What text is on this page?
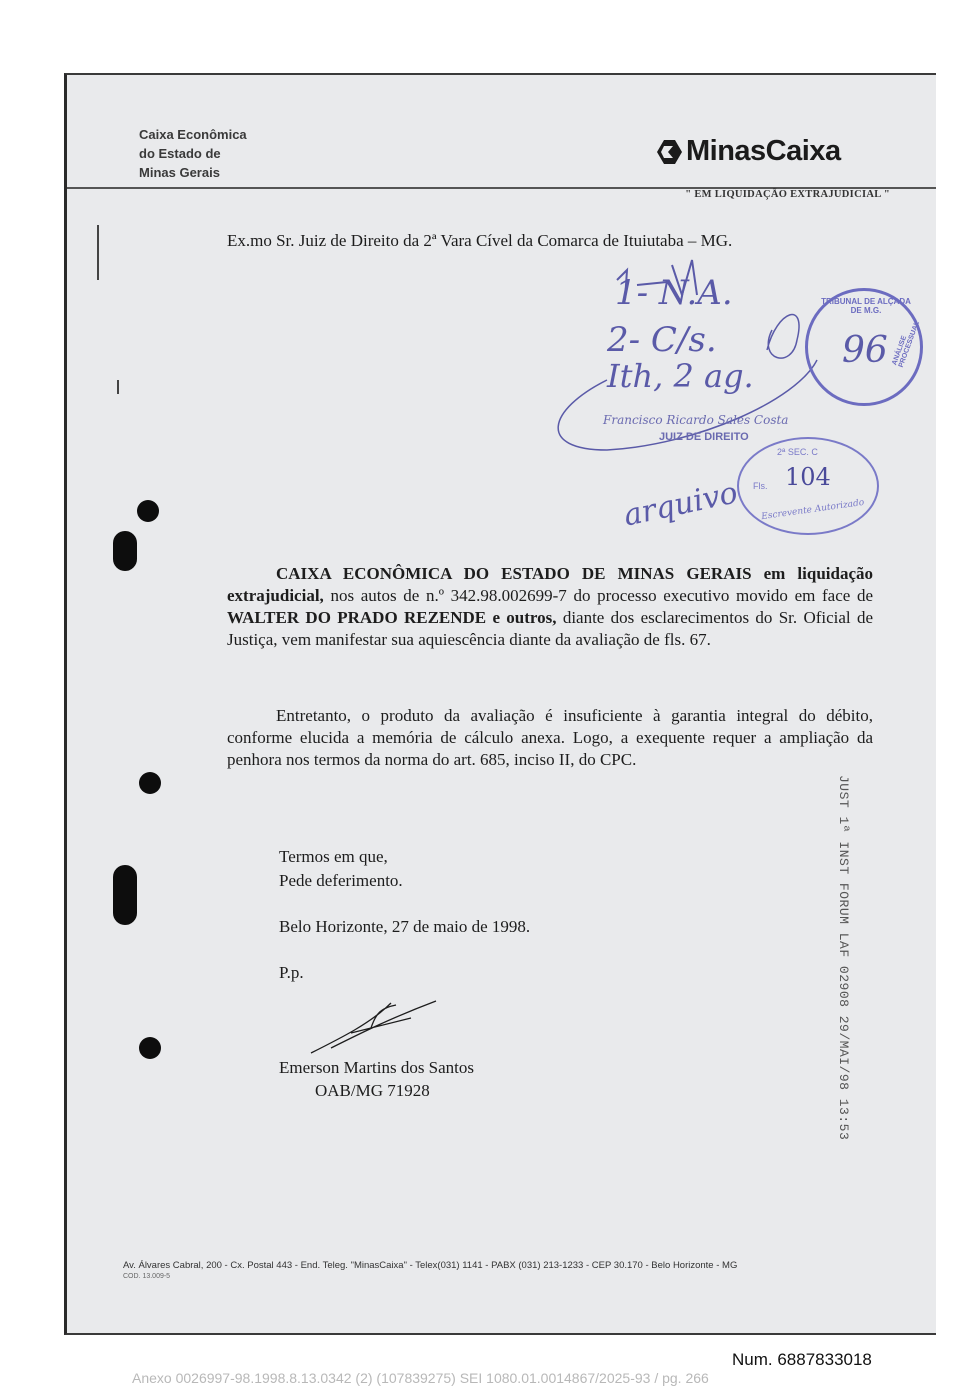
Caixa Econômica
do Estado de
Minas Gerais
MinasCaixa
" EM LIQUIDAÇÃO EXTRAJUDICIAL "
Ex.mo Sr. Juiz de Direito da 2ª Vara Cível da Comarca de Ituiutaba – MG.
1- N.A.
2- C/s.
Ith, 2 ag.
96
TRIBUNAL DE ALÇADA DE M.G.
ANÁLISE PROCESSUAL
Francisco Ricardo Sales Costa
JUIZ DE DIREITO
2ª SEC. C
Fls. 104
Escrevente Autorizado
arquivo

CAIXA ECONÔMICA DO ESTADO DE MINAS GERAIS em liquidação extrajudicial, nos autos de n.º 342.98.002699-7 do processo executivo movido em face de WALTER DO PRADO REZENDE e outros, diante dos esclarecimentos do Sr. Oficial de Justiça, vem manifestar sua aquiescência diante da avaliação de fls. 67.

Entretanto, o produto da avaliação é insuficiente à garantia integral do débito, conforme elucida a memória de cálculo anexa. Logo, a exequente requer a ampliação da penhora nos termos da norma do art. 685, inciso II, do CPC.

Termos em que,
Pede deferimento.
Belo Horizonte, 27 de maio de 1998.
P.p.
Emerson Martins dos Santos
OAB/MG 71928	JUST 1ª INST FORUM LAF 02908 29/MAI/98 13:53
Av. Álvares Cabral, 200 - Cx. Postal 443 - End. Teleg. "MinasCaixa" - Telex(031) 1141 - PABX (031) 213-1233 - CEP 30.170 - Belo Horizonte - MG
COD. 13.009-5
Num. 6887833018
Anexo 0026997-98.1998.8.13.0342 (2) (107839275) SEI 1080.01.0014867/2025-93 / pg. 266
